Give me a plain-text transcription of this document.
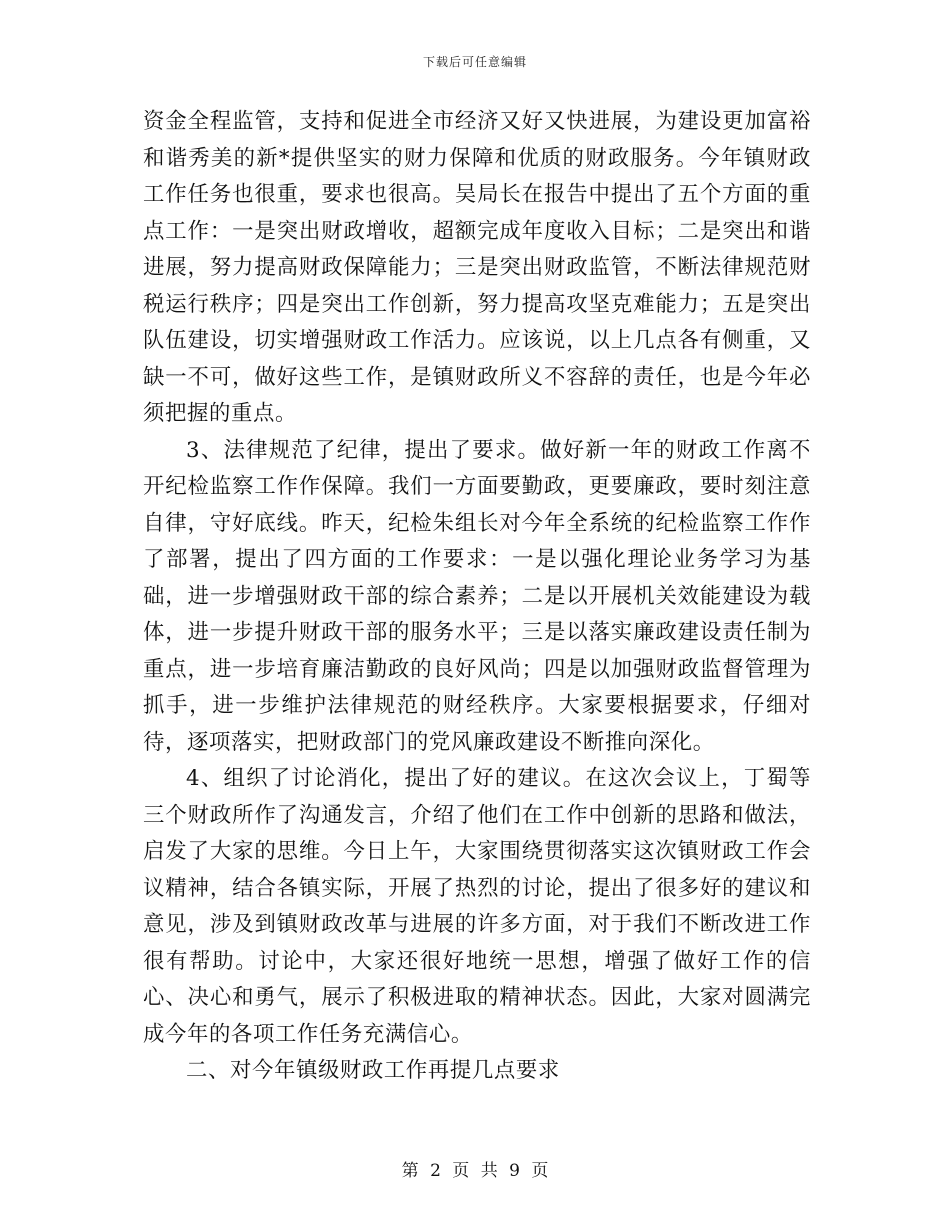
下载后可任意编辑

资金全程监管，支持和促进全市经济又好又快进展，为建设更加富裕和谐秀美的新*提供坚实的财力保障和优质的财政服务。今年镇财政工作任务也很重，要求也很高。吴局长在报告中提出了五个方面的重点工作：一是突出财政增收，超额完成年度收入目标；二是突出和谐进展，努力提高财政保障能力；三是突出财政监管，不断法律规范财税运行秩序；四是突出工作创新，努力提高攻坚克难能力；五是突出队伍建设，切实增强财政工作活力。应该说，以上几点各有侧重，又缺一不可，做好这些工作，是镇财政所义不容辞的责任，也是今年必须把握的重点。

3、法律规范了纪律，提出了要求。做好新一年的财政工作离不开纪检监察工作作保障。我们一方面要勤政，更要廉政，要时刻注意自律，守好底线。昨天，纪检朱组长对今年全系统的纪检监察工作作了部署，提出了四方面的工作要求：一是以强化理论业务学习为基础，进一步增强财政干部的综合素养；二是以开展机关效能建设为载体，进一步提升财政干部的服务水平；三是以落实廉政建设责任制为重点，进一步培育廉洁勤政的良好风尚；四是以加强财政监督管理为抓手，进一步维护法律规范的财经秩序。大家要根据要求，仔细对待，逐项落实，把财政部门的党风廉政建设不断推向深化。

4、组织了讨论消化，提出了好的建议。在这次会议上，丁蜀等三个财政所作了沟通发言，介绍了他们在工作中创新的思路和做法，启发了大家的思维。今日上午，大家围绕贯彻落实这次镇财政工作会议精神，结合各镇实际，开展了热烈的讨论，提出了很多好的建议和意见，涉及到镇财政改革与进展的许多方面，对于我们不断改进工作很有帮助。讨论中，大家还很好地统一思想，增强了做好工作的信心、决心和勇气，展示了积极进取的精神状态。因此，大家对圆满完成今年的各项工作任务充满信心。

二、对今年镇级财政工作再提几点要求

第 2 页 共 9 页
